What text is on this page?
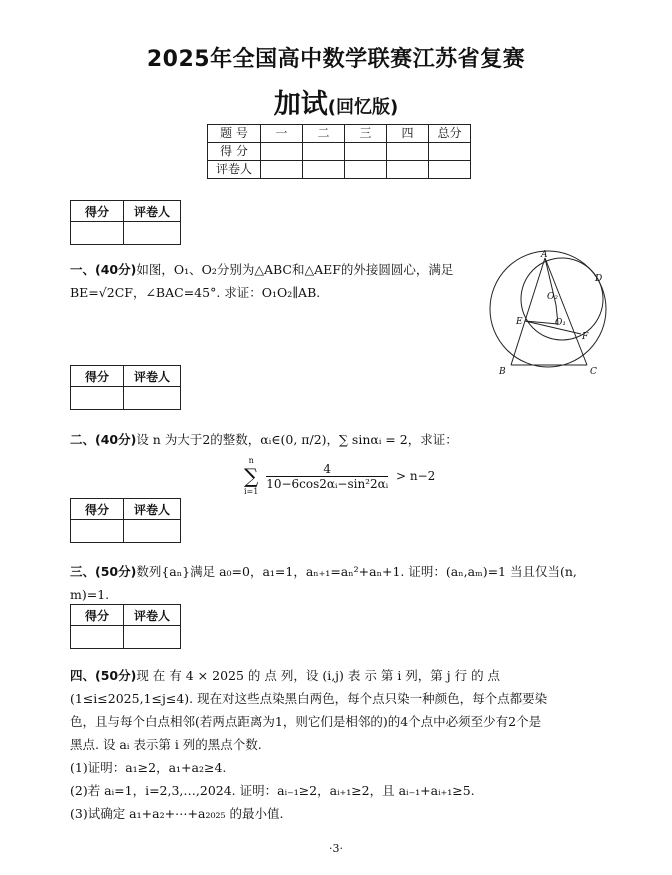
2025年全国高中数学联赛江苏省复赛
加试(回忆版)
题 号	一	二	三	四	总分
得 分					
评卷人					
得分	评卷人

一、(40分)如图，O₁、O₂分别为△ABC和△AEF的外接圆圆心，满足
BE=√2CF，∠BAC=45°. 求证：O₁O₂∥AB.
A
D
O₂
E	O₁
F
B	C
得分	评卷人

二、(40分)设 n 为大于2的整数，αᵢ∈(0, π/2)，∑ sinαᵢ = 2，求证：
n
∑
i=1

$\frac{4}{\text{10−6cos2αᵢ−sin²2αᵢ}} > n-2$
得分	评卷人

三、(50分)数列{aₙ}满足 a₀=0，a₁=1，aₙ₊₁=aₙ²+aₙ+1. 证明：(aₙ,aₘ)=1 当且仅当(n,
m)=1.
得分	评卷人

四、(50分)现 在 有 4 × 2025 的 点 列，设 (i,j) 表 示 第 i 列，第 j 行 的 点
(1≤i≤2025,1≤j≤4). 现在对这些点染黑白两色，每个点只染一种颜色，每个点都要染
色，且与每个白点相邻(若两点距离为1，则它们是相邻的)的4个点中必须至少有2个是
黑点. 设 aᵢ 表示第 i 列的黑点个数.
(1)证明：a₁≥2，a₁+a₂≥4.
(2)若 aᵢ=1，i=2,3,…,2024. 证明：aᵢ₋₁≥2，aᵢ₊₁≥2，且 aᵢ₋₁+aᵢ₊₁≥5.
(3)试确定 a₁+a₂+⋯+a₂₀₂₅ 的最小值.
·3·
